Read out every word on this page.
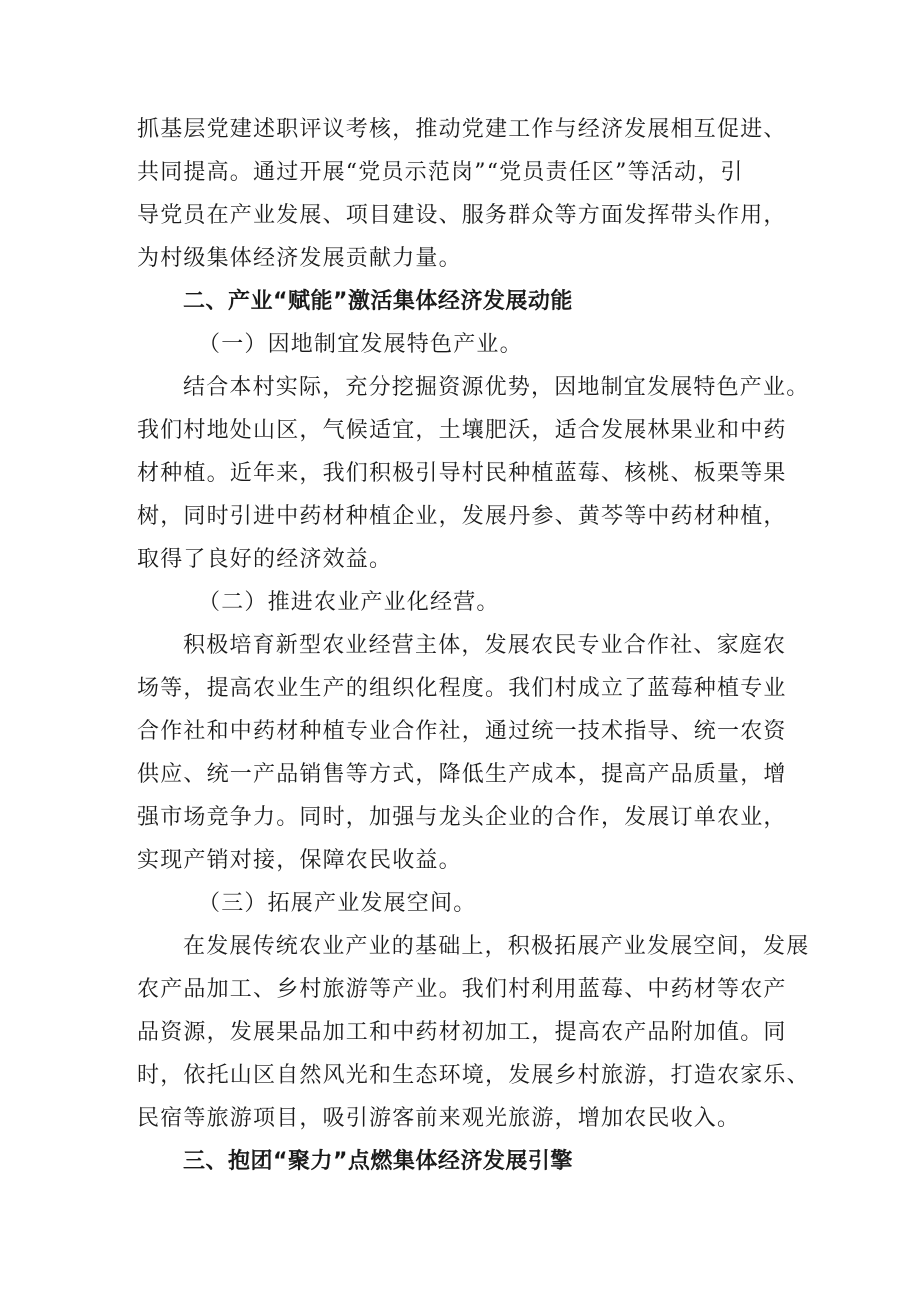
抓基层党建述职评议考核，推动党建工作与经济发展相互促进、
共同提高。通过开展“党员示范岗”“党员责任区”等活动，引
导党员在产业发展、项目建设、服务群众等方面发挥带头作用，
为村级集体经济发展贡献力量。
二、产业“赋能”激活集体经济发展动能
（一）因地制宜发展特色产业。
结合本村实际，充分挖掘资源优势，因地制宜发展特色产业。
我们村地处山区，气候适宜，土壤肥沃，适合发展林果业和中药
材种植。近年来，我们积极引导村民种植蓝莓、核桃、板栗等果
树，同时引进中药材种植企业，发展丹参、黄芩等中药材种植，
取得了良好的经济效益。
（二）推进农业产业化经营。
积极培育新型农业经营主体，发展农民专业合作社、家庭农
场等，提高农业生产的组织化程度。我们村成立了蓝莓种植专业
合作社和中药材种植专业合作社，通过统一技术指导、统一农资
供应、统一产品销售等方式，降低生产成本，提高产品质量，增
强市场竞争力。同时，加强与龙头企业的合作，发展订单农业，
实现产销对接，保障农民收益。
（三）拓展产业发展空间。
在发展传统农业产业的基础上，积极拓展产业发展空间，发展
农产品加工、乡村旅游等产业。我们村利用蓝莓、中药材等农产
品资源，发展果品加工和中药材初加工，提高农产品附加值。同
时，依托山区自然风光和生态环境，发展乡村旅游，打造农家乐、
民宿等旅游项目，吸引游客前来观光旅游，增加农民收入。
三、抱团“聚力”点燃集体经济发展引擎
